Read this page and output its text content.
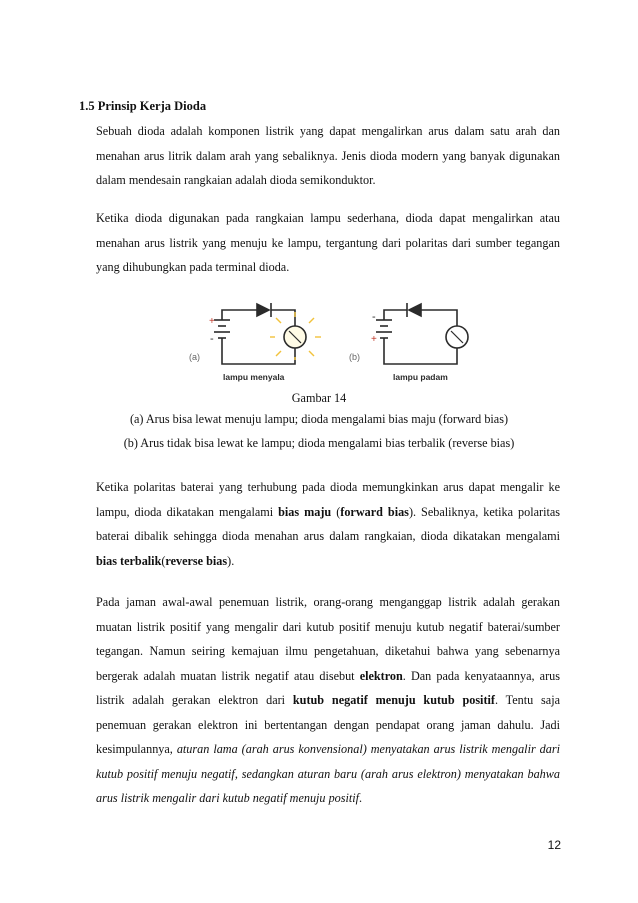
1.5 Prinsip Kerja Dioda
Sebuah dioda adalah komponen listrik yang dapat mengalirkan arus dalam satu arah dan menahan arus litrik dalam arah yang sebaliknya. Jenis dioda modern yang banyak digunakan dalam mendesain rangkaian adalah dioda semikonduktor.
Ketika dioda digunakan pada rangkaian lampu sederhana, dioda dapat mengalirkan atau menahan arus listrik yang menuju ke lampu, tergantung dari polaritas dari sumber tegangan yang dihubungkan pada terminal dioda.
+
-
(a)
lampu menyala
-
+
(b)
lampu padam
Gambar 14
(a) Arus bisa lewat menuju lampu; dioda mengalami bias maju (forward bias)
(b) Arus tidak bisa lewat ke lampu; dioda mengalami bias terbalik (reverse bias)
Ketika polaritas baterai yang terhubung pada dioda memungkinkan arus dapat mengalir ke lampu, dioda dikatakan mengalami bias maju (forward bias). Sebaliknya, ketika polaritas baterai dibalik sehingga dioda menahan arus dalam rangkaian, dioda dikatakan mengalami bias terbalik(reverse bias).
Pada jaman awal-awal penemuan listrik, orang-orang menganggap listrik adalah gerakan muatan listrik positif yang mengalir dari kutub positif menuju kutub negatif baterai/sumber tegangan. Namun seiring kemajuan ilmu pengetahuan, diketahui bahwa yang sebenarnya bergerak adalah muatan listrik negatif atau disebut elektron. Dan pada kenyataannya, arus listrik adalah gerakan elektron dari kutub negatif menuju kutub positif. Tentu saja penemuan gerakan elektron ini bertentangan dengan pendapat orang jaman dahulu. Jadi kesimpulannya, aturan lama (arah arus konvensional) menyatakan arus listrik mengalir dari kutub positif menuju negatif, sedangkan aturan baru (arah arus elektron) menyatakan bahwa arus listrik mengalir dari kutub negatif menuju positif.
12
